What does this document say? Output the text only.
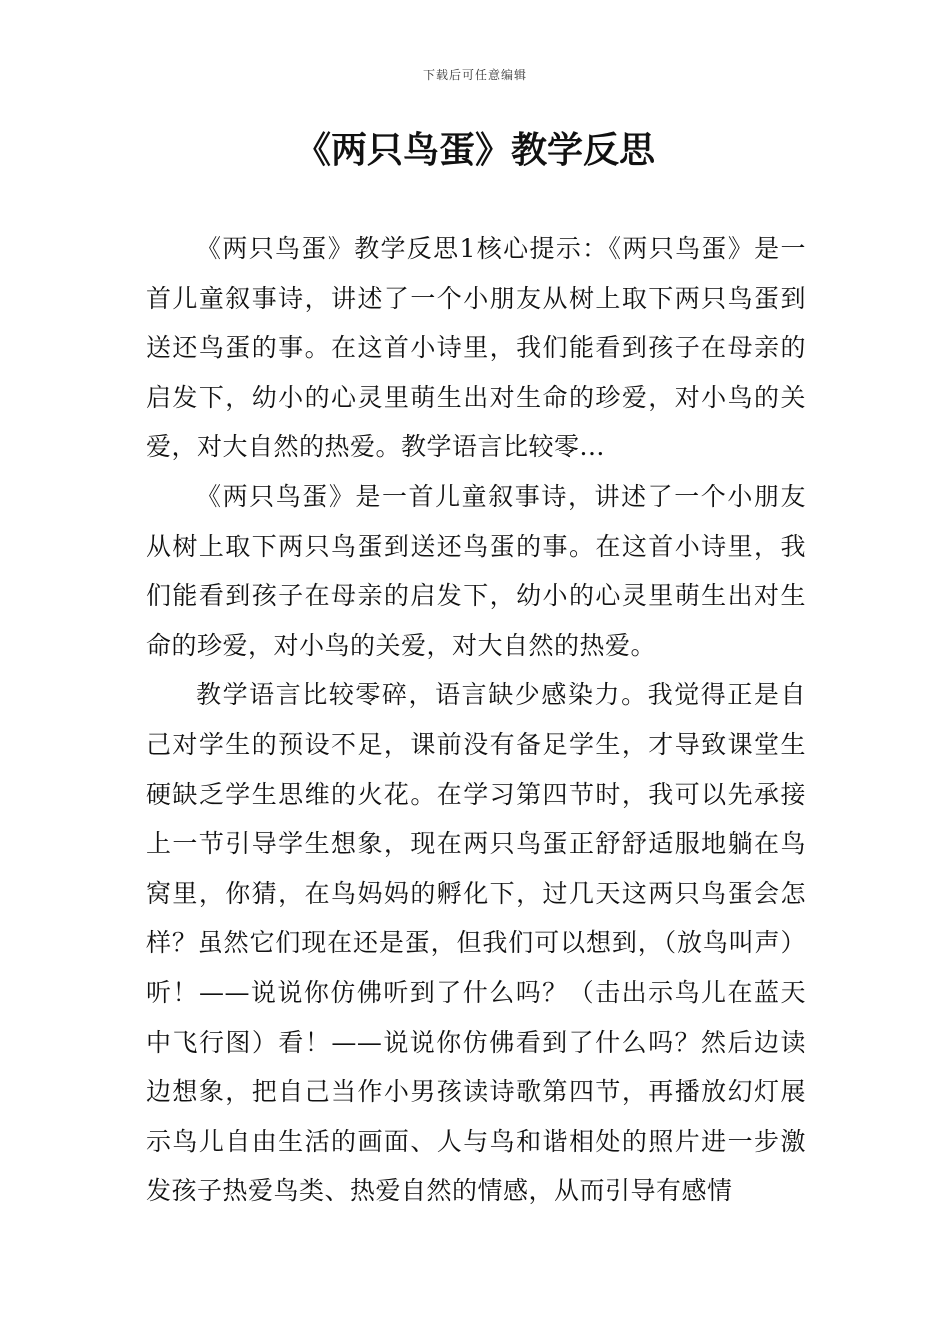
下载后可任意编辑
《两只鸟蛋》教学反思

《两只鸟蛋》教学反思1核心提示：《两只鸟蛋》是一首儿童叙事诗，讲述了一个小朋友从树上取下两只鸟蛋到送还鸟蛋的事。在这首小诗里，我们能看到孩子在母亲的启发下，幼小的心灵里萌生出对生命的珍爱，对小鸟的关爱，对大自然的热爱。教学语言比较零...

《两只鸟蛋》是一首儿童叙事诗，讲述了一个小朋友从树上取下两只鸟蛋到送还鸟蛋的事。在这首小诗里，我们能看到孩子在母亲的启发下，幼小的心灵里萌生出对生命的珍爱，对小鸟的关爱，对大自然的热爱。

教学语言比较零碎，语言缺少感染力。我觉得正是自己对学生的预设不足，课前没有备足学生，才导致课堂生硬缺乏学生思维的火花。在学习第四节时，我可以先承接上一节引导学生想象，现在两只鸟蛋正舒舒适服地躺在鸟窝里，你猜，在鸟妈妈的孵化下，过几天这两只鸟蛋会怎样？虽然它们现在还是蛋，但我们可以想到，（放鸟叫声）听！——说说你仿佛听到了什么吗？（击出示鸟儿在蓝天中飞行图）看！——说说你仿佛看到了什么吗？然后边读边想象，把自己当作小男孩读诗歌第四节，再播放幻灯展示鸟儿自由生活的画面、人与鸟和谐相处的照片进一步激发孩子热爱鸟类、热爱自然的情感，从而引导有感情
